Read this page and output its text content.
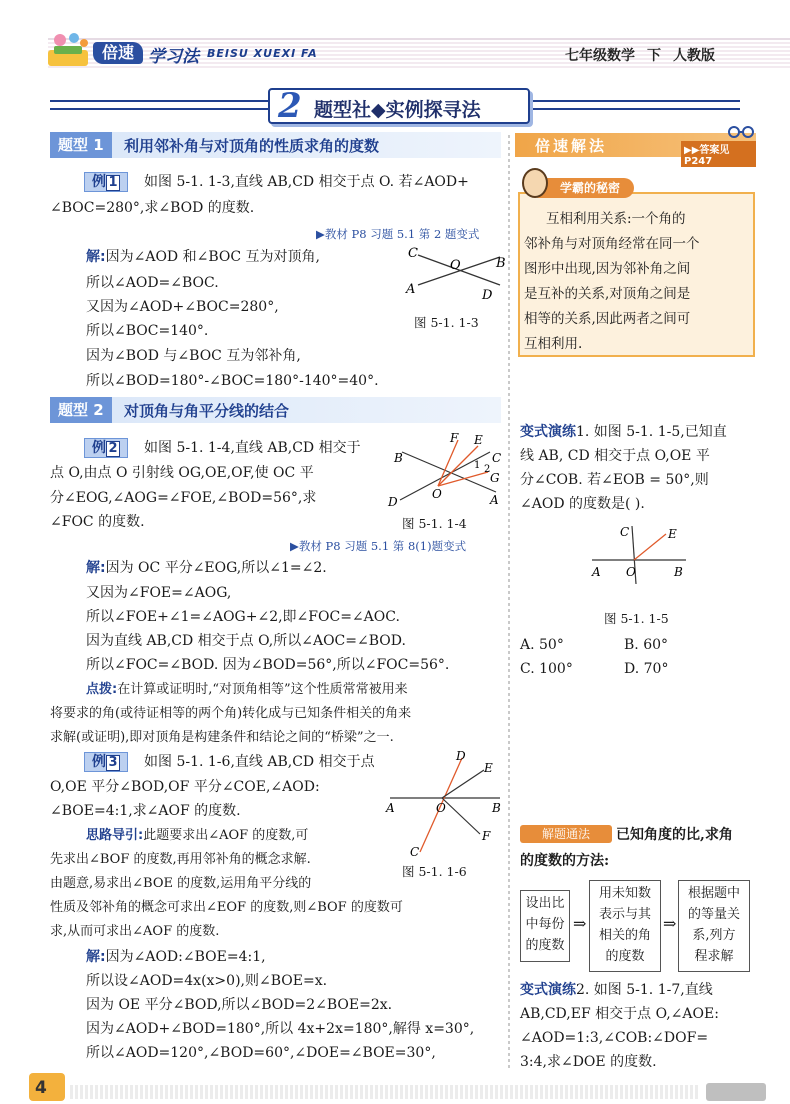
倍速 学习法 BEISU XUEXI FA	七年级数学 下 人教版
2 题型社◆实例探寻法
题型 1	利用邻补角与对顶角的性质求角的度数
例 1	如图 5-1. 1-3,直线 AB,CD 相交于点 O. 若∠AOD+
∠BOC=280°,求∠BOD 的度数.
▶教材 P8 习题 5.1 第 2 题变式
解:因为∠AOD 和∠BOC 互为对顶角,
所以∠AOD=∠BOC.
又因为∠AOD+∠BOC=280°,
所以∠BOC=140°.
因为∠BOD 与∠BOC 互为邻补角,
所以∠BOD=180°-∠BOC=180°-140°=40°.
C
O	B
A	D
图 5-1. 1-3
题型 2	对顶角与角平分线的结合
例 2	如图 5-1. 1-4,直线 AB,CD 相交于
点 O,由点 O 引射线 OG,OE,OF,使 OC 平
分∠EOG,∠AOG=∠FOE,∠BOD=56°,求
∠FOC 的度数.
F E
B	C
1 2
O
G
D	A
图 5-1. 1-4
▶教材 P8 习题 5.1 第 8(1)题变式
解:因为 OC 平分∠EOG,所以∠1=∠2.
又因为∠FOE=∠AOG,
所以∠FOE+∠1=∠AOG+∠2,即∠FOC=∠AOC.
因为直线 AB,CD 相交于点 O,所以∠AOC=∠BOD.
所以∠FOC=∠BOD. 因为∠BOD=56°,所以∠FOC=56°.
点拨:在计算或证明时,“对顶角相等”这个性质常常被用来
将要求的角(或待证相等的两个角)转化成与已知条件相关的角来
求解(或证明),即对顶角是构建条件和结论之间的“桥梁”之一.
例 3	如图 5-1. 1-6,直线 AB,CD 相交于点
O,OE 平分∠BOD,OF 平分∠COE,∠AOD:
∠BOE=4:1,求∠AOF 的度数.
D
E
A	O	B
C
F
图 5-1. 1-6
思路导引:此题要求出∠AOF 的度数,可
先求出∠BOF 的度数,再用邻补角的概念求解.
由题意,易求出∠BOE 的度数,运用角平分线的
性质及邻补角的概念可求出∠EOF 的度数,则∠BOF 的度数可
求,从而可求出∠AOF 的度数.
解:因为∠AOD:∠BOE=4:1,
所以设∠AOD=4x(x>0),则∠BOE=x.
因为 OE 平分∠BOD,所以∠BOD=2∠BOE=2x.
因为∠AOD+∠BOD=180°,所以 4x+2x=180°,解得 x=30°,
所以∠AOD=120°,∠BOD=60°,∠DOE=∠BOE=30°,
倍速解法	▶▶答案见 P247
学霸的秘密
互相利用关系:一个角的
邻补角与对顶角经常在同一个
图形中出现,因为邻补角之间
是互补的关系,对顶角之间是
相等的关系,因此两者之间可
互相利用.
变式演练1. 如图 5-1. 1-5,已知直
线 AB, CD 相交于点 O,OE 平
分∠COB. 若∠EOB = 50°,则
∠AOD 的度数是( ).
C	E
A O	B
图 5-1. 1-5
A. 50°	B. 60°
C. 100°	D. 70°
解题通法	已知角度的比,求角
的度数的方法:
设出比
中每份
的度数
⇒
用未知数
表示与其
相关的角
的度数
⇒
根据题中
的等量关
系,列方
程求解
变式演练2. 如图 5-1. 1-7,直线
AB,CD,EF 相交于点 O,∠AOE:
∠AOD=1:3,∠COB:∠DOF=
3:4,求∠DOE 的度数.
4
